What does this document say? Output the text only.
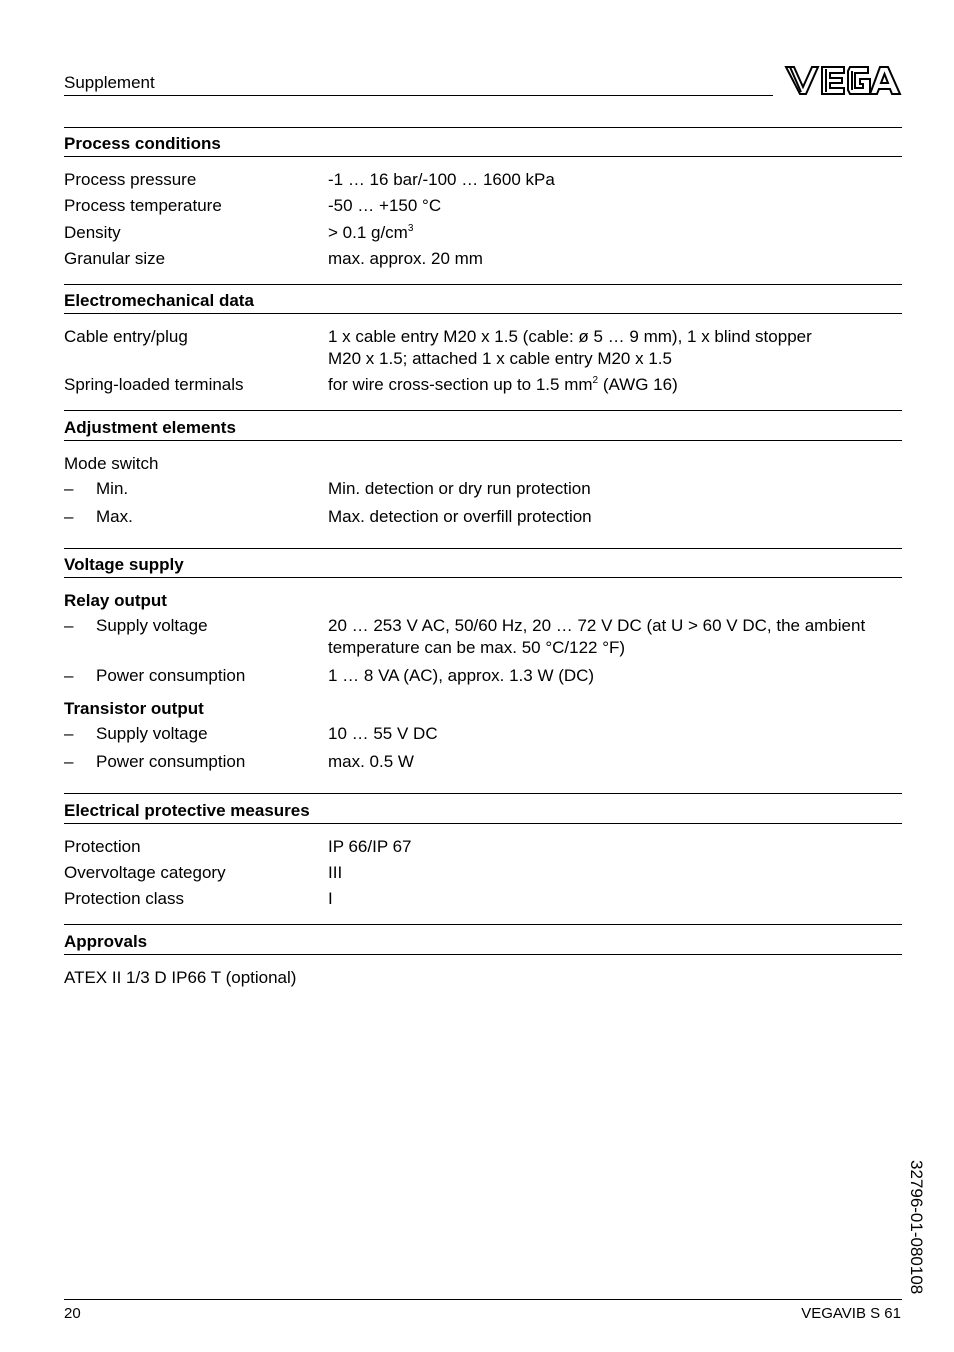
Supplement
Process conditions
Process pressure	-1 … 16 bar/-100 … 1600 kPa
Process temperature	-50 … +150 °C
Density	> 0.1 $g/cm^3$
Granular size	max. approx. 20 mm
Electromechanical data
Cable entry/plug	1 x cable entry M20 x 1.5 (cable: ø 5 … 9 mm), 1 x blind stopper
M20 x 1.5; attached 1 x cable entry M20 x 1.5
Spring-loaded terminals	for wire cross-section up to 1.5 $mm^2$ (AWG 16)
Adjustment elements
Mode switch
– Min.	Min. detection or dry run protection
– Max.	Max. detection or overfill protection
Voltage supply
Relay output
– Supply voltage	20 … 253 V AC, 50/60 Hz, 20 … 72 V DC (at U > 60 V DC, the ambient
temperature can be max. 50 °C/122 °F)
– Power consumption	1 … 8 VA (AC), approx. 1.3 W (DC)
Transistor output
– Supply voltage	10 … 55 V DC
– Power consumption	max. 0.5 W
Electrical protective measures
Protection	IP 66/IP 67
Overvoltage category	III
Protection class	I
Approvals
ATEX II 1/3 D IP66 T (optional)
32796-01-080108
20	VEGAVIB S 61
